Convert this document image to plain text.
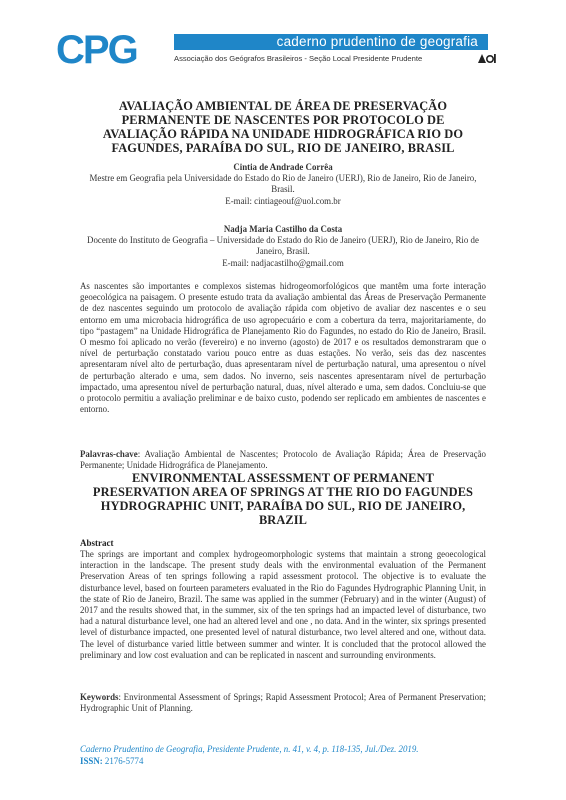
CPG	caderno prudentino de geografia
Associação dos Geógrafos Brasileiros - Seção Local Presidente Prudente
AVALIAÇÃO AMBIENTAL DE ÁREA DE PRESERVAÇÃO PERMANENTE DE NASCENTES POR PROTOCOLO DE AVALIAÇÃO RÁPIDA NA UNIDADE HIDROGRÁFICA RIO DO FAGUNDES, PARAÍBA DO SUL, RIO DE JANEIRO, BRASIL
Cintia de Andrade Corrêa
Mestre em Geografia pela Universidade do Estado do Rio de Janeiro (UERJ), Rio de Janeiro, Rio de Janeiro, Brasil.
E-mail: cintiageouf@uol.com.br
Nadja Maria Castilho da Costa
Docente do Instituto de Geografia – Universidade do Estado do Rio de Janeiro (UERJ), Rio de Janeiro, Rio de Janeiro, Brasil.
E-mail: nadjacastilho@gmail.com
As nascentes são importantes e complexos sistemas hidrogeomorfológicos que mantêm uma forte interação geoecológica na paisagem. O presente estudo trata da avaliação ambiental das Áreas de Preservação Permanente de dez nascentes seguindo um protocolo de avaliação rápida com objetivo de avaliar dez nascentes e o seu entorno em uma microbacia hidrográfica de uso agropecuário e com a cobertura da terra, majoritariamente, do tipo “pastagem” na Unidade Hidrográfica de Planejamento Rio do Fagundes, no estado do Rio de Janeiro, Brasil. O mesmo foi aplicado no verão (fevereiro) e no inverno (agosto) de 2017 e os resultados demonstraram que o nível de perturbação constatado variou pouco entre as duas estações. No verão, seis das dez nascentes apresentaram nível alto de perturbação, duas apresentaram nível de perturbação natural, uma apresentou o nível de perturbação alterado e uma, sem dados. No inverno, seis nascentes apresentaram nível de perturbação impactado, uma apresentou nível de perturbação natural, duas, nível alterado e uma, sem dados. Concluiu-se que o protocolo permitiu a avaliação preliminar e de baixo custo, podendo ser replicado em ambientes de nascentes e entorno.
Palavras-chave: Avaliação Ambiental de Nascentes; Protocolo de Avaliação Rápida; Área de Preservação Permanente; Unidade Hidrográfica de Planejamento.
ENVIRONMENTAL ASSESSMENT OF PERMANENT PRESERVATION AREA OF SPRINGS AT THE RIO DO FAGUNDES HYDROGRAPHIC UNIT, PARAÍBA DO SUL, RIO DE JANEIRO, BRAZIL
Abstract
The springs are important and complex hydrogeomorphologic systems that maintain a strong geoecological interaction in the landscape. The present study deals with the environmental evaluation of the Permanent Preservation Areas of ten springs following a rapid assessment protocol. The objective is to evaluate the disturbance level, based on fourteen parameters evaluated in the Rio do Fagundes Hydrographic Planning Unit, in the state of Rio de Janeiro, Brazil. The same was applied in the summer (February) and in the winter (August) of 2017 and the results showed that, in the summer, six of the ten springs had an impacted level of disturbance, two had a natural disturbance level, one had an altered level and one , no data. And in the winter, six springs presented level of disturbance impacted, one presented level of natural disturbance, two level altered and one, without data. The level of disturbance varied little between summer and winter. It is concluded that the protocol allowed the preliminary and low cost evaluation and can be replicated in nascent and surrounding environments.
Keywords: Environmental Assessment of Springs; Rapid Assessment Protocol; Area of Permanent Preservation; Hydrographic Unit of Planning.
Caderno Prudentino de Geografia, Presidente Prudente, n. 41, v. 4, p. 118-135, Jul./Dez. 2019.
ISSN: 2176-5774
